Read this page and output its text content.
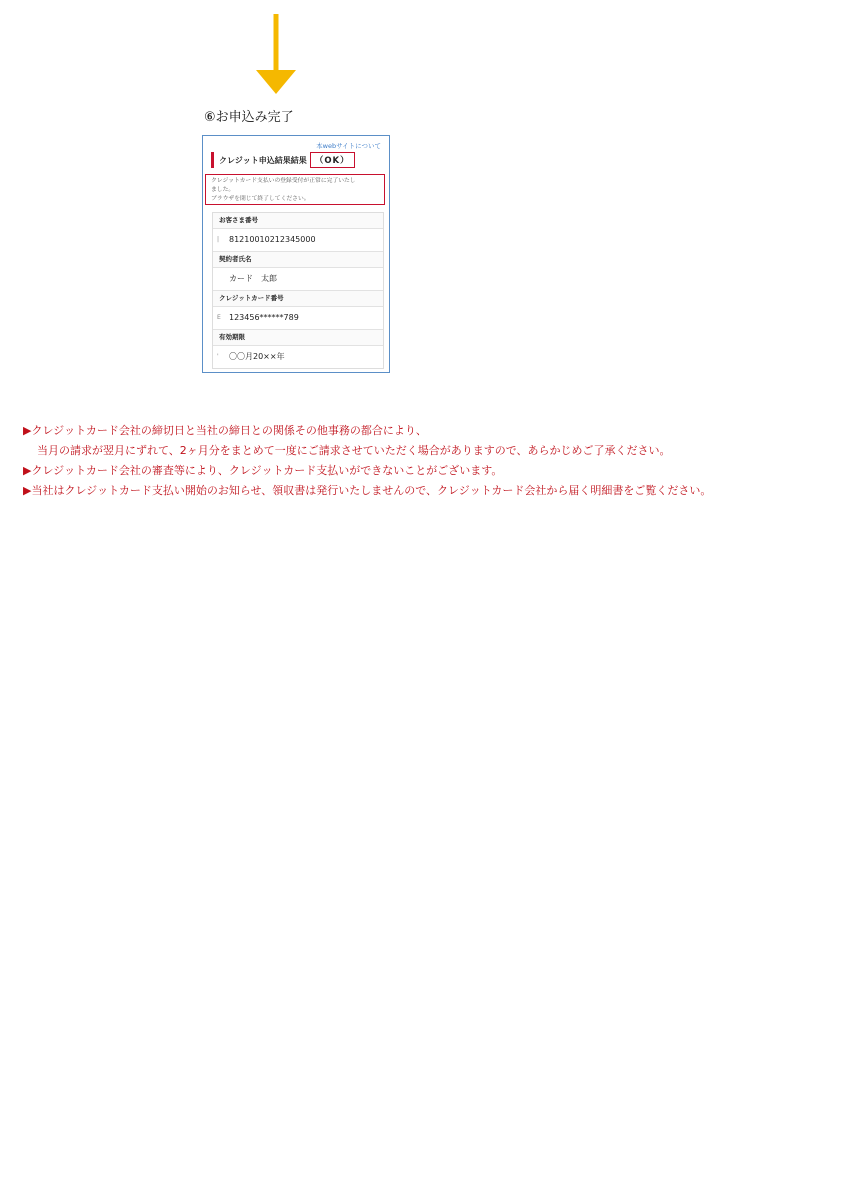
⑥お申込み完了
本webサイトについて
クレジット申込結果結果 （OK）
クレジットカード支払いの登録受付が正常に完了いたし
ました。
ブラウザを閉じて終了してください。
お客さま番号
|	81210010212345000
契約者氏名
カード　太郎
クレジットカード番号
E	123456******789
有効期限
'	〇〇月20××年

▶クレジットカード会社の締切日と当社の締日との関係その他事務の都合により、

当月の請求が翌月にずれて、2ヶ月分をまとめて一度にご請求させていただく場合がありますので、あらかじめご了承ください。

▶クレジットカード会社の審査等により、クレジットカード支払いができないことがございます。

▶当社はクレジットカード支払い開始のお知らせ、領収書は発行いたしませんので、クレジットカード会社から届く明細書をご覧ください。
